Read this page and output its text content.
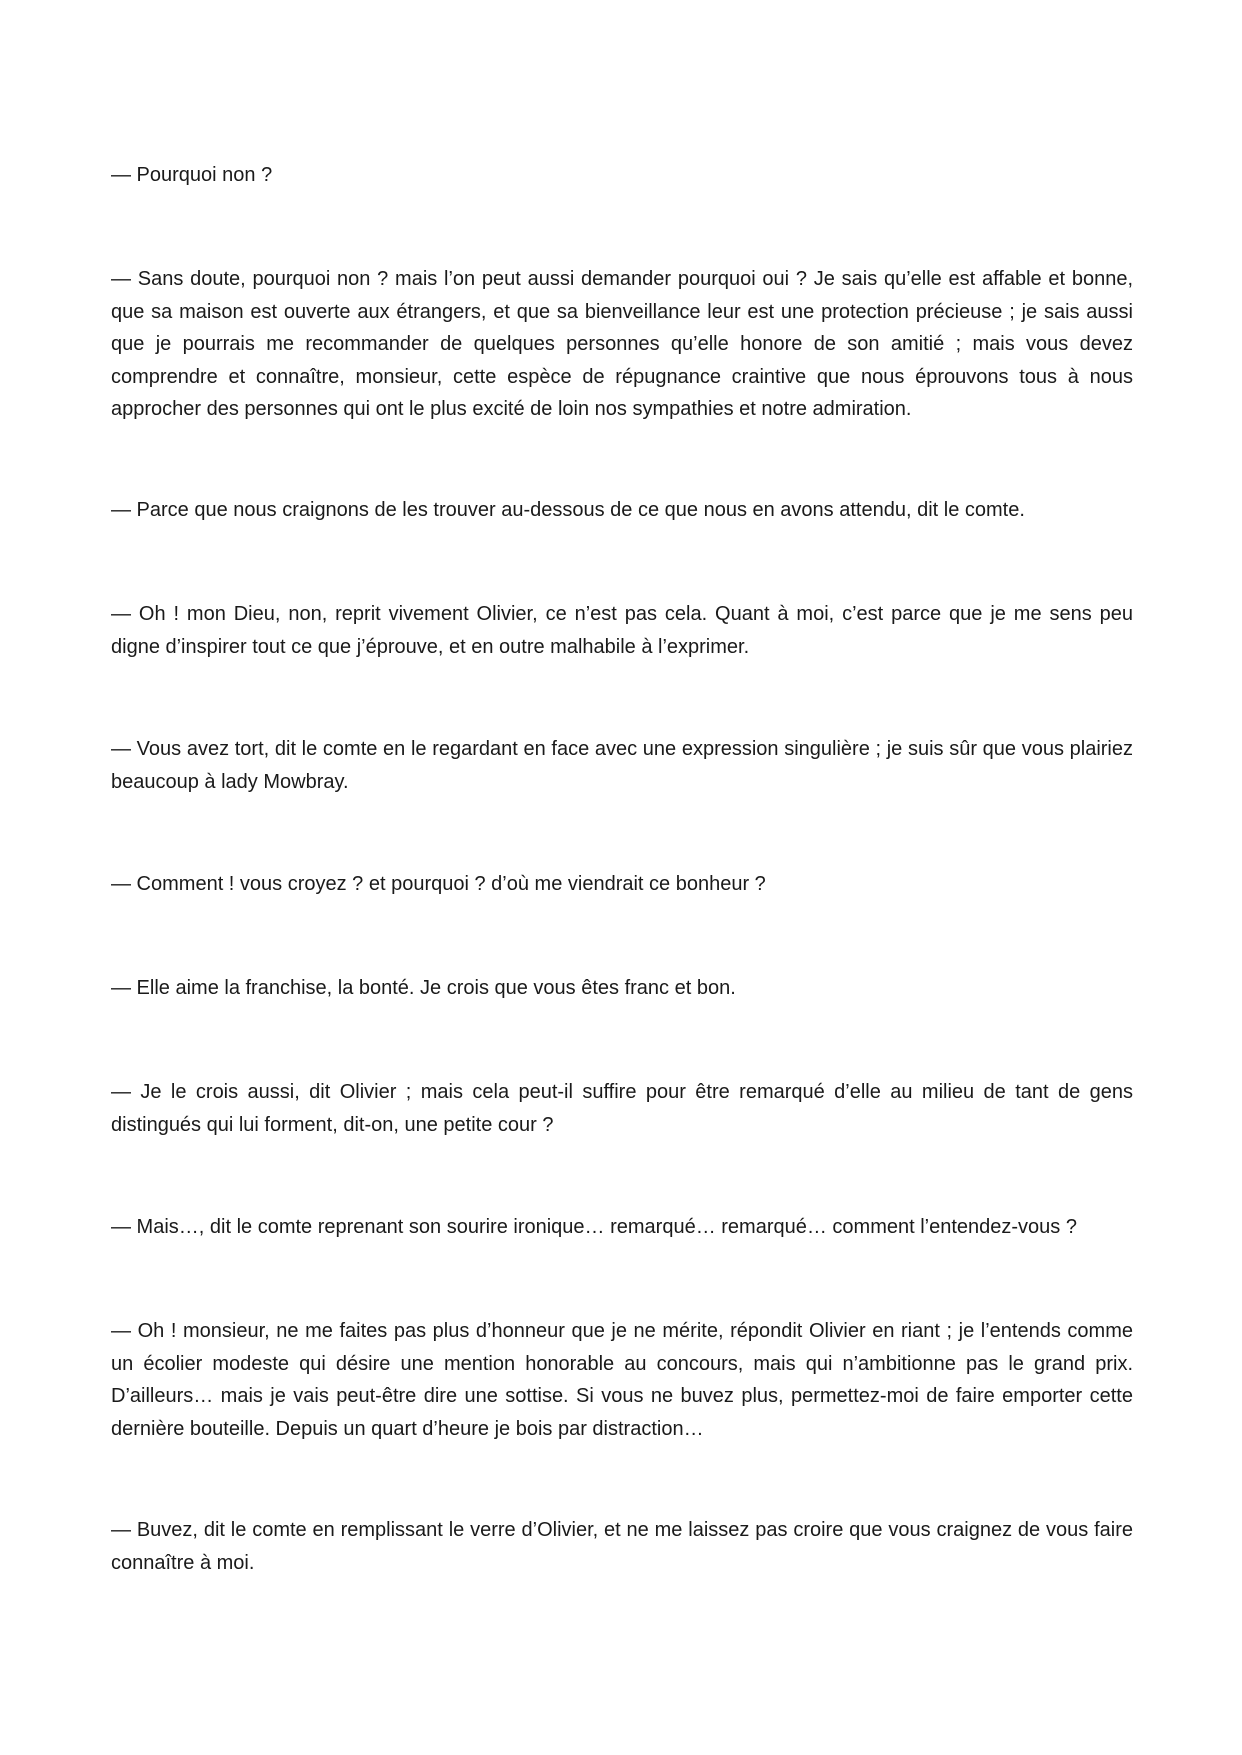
— Pourquoi non ?

— Sans doute, pourquoi non ? mais l’on peut aussi demander pourquoi oui ? Je sais qu’elle est affable et bonne, que sa maison est ouverte aux étrangers, et que sa bienveillance leur est une protection précieuse ; je sais aussi que je pourrais me recommander de quelques personnes qu’elle honore de son amitié ; mais vous devez comprendre et connaître, monsieur, cette espèce de répugnance craintive que nous éprouvons tous à nous approcher des personnes qui ont le plus excité de loin nos sympathies et notre admiration.

— Parce que nous craignons de les trouver au-dessous de ce que nous en avons attendu, dit le comte.

— Oh ! mon Dieu, non, reprit vivement Olivier, ce n’est pas cela. Quant à moi, c’est parce que je me sens peu digne d’inspirer tout ce que j’éprouve, et en outre malhabile à l’exprimer.

— Vous avez tort, dit le comte en le regardant en face avec une expression singulière ; je suis sûr que vous plairiez beaucoup à lady Mowbray.

— Comment ! vous croyez ? et pourquoi ? d’où me viendrait ce bonheur ?

— Elle aime la franchise, la bonté. Je crois que vous êtes franc et bon.

— Je le crois aussi, dit Olivier ; mais cela peut-il suffire pour être remarqué d’elle au milieu de tant de gens distingués qui lui forment, dit-on, une petite cour ?

— Mais…, dit le comte reprenant son sourire ironique… remarqué… remarqué… comment l’entendez-vous ?

— Oh ! monsieur, ne me faites pas plus d’honneur que je ne mérite, répondit Olivier en riant ; je l’entends comme un écolier modeste qui désire une mention honorable au concours, mais qui n’ambitionne pas le grand prix. D’ailleurs… mais je vais peut-être dire une sottise. Si vous ne buvez plus, permettez-moi de faire emporter cette dernière bouteille. Depuis un quart d’heure je bois par distraction…

— Buvez, dit le comte en remplissant le verre d’Olivier, et ne me laissez pas croire que vous craignez de vous faire connaître à moi.
